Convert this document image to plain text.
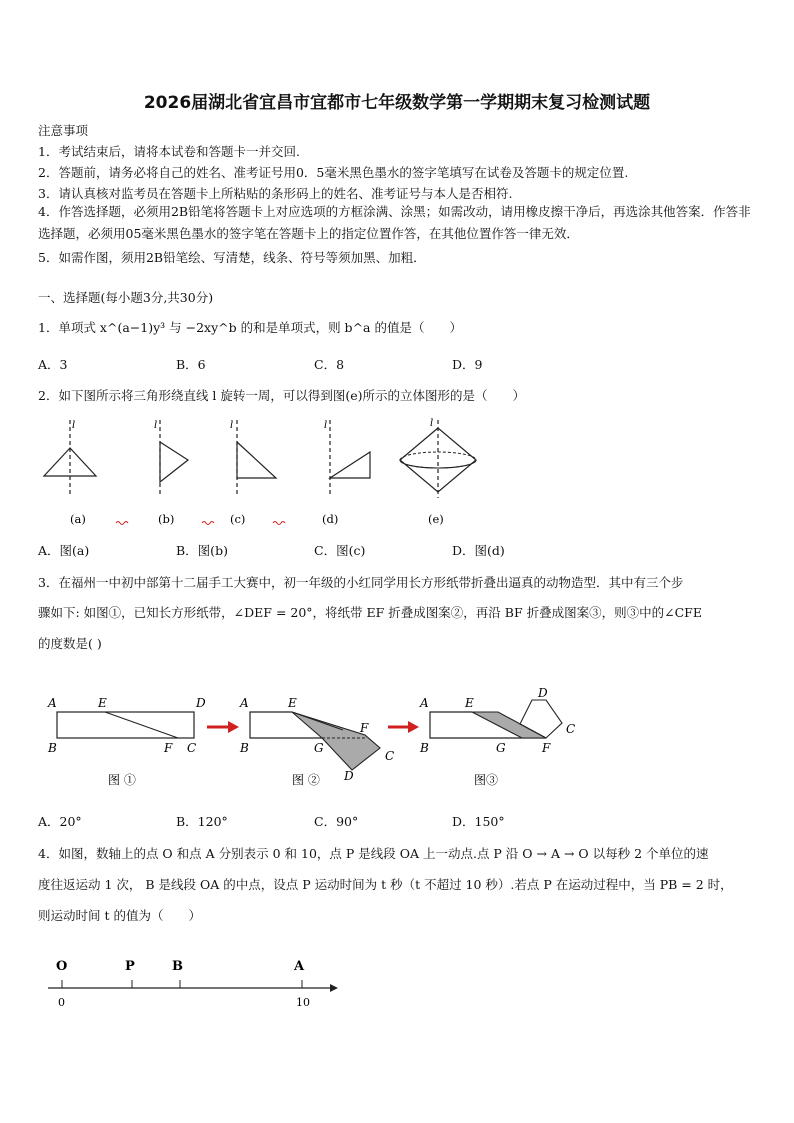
2026届湖北省宜昌市宜都市七年级数学第一学期期末复习检测试题
注意事项
1．考试结束后，请将本试卷和答题卡一并交回.
2．答题前，请务必将自己的姓名、准考证号用0．5毫米黑色墨水的签字笔填写在试卷及答题卡的规定位置.
3．请认真核对监考员在答题卡上所粘贴的条形码上的姓名、准考证号与本人是否相符.
4．作答选择题，必须用2B铅笔将答题卡上对应选项的方框涂满、涂黑；如需改动，请用橡皮擦干净后，再选涂其他答案．作答非选择题，必须用05毫米黑色墨水的签字笔在答题卡上的指定位置作答，在其他位置作答一律无效．
5．如需作图，须用2B铅笔绘、写清楚，线条、符号等须加黑、加粗．
一、选择题(每小题3分,共30分)
1．单项式 x^(a−1)y³ 与 −2xy^b 的和是单项式，则 b^a 的值是（　　）
A．3	B．6	C．8	D．9
2．如下图所示将三角形绕直线 l 旋转一周，可以得到图(e)所示的立体图形的是（　　）
l	l	l	l	l
(a)	(b)	(c)	(d)	(e)
A．图(a)	B．图(b)	C．图(c)	D．图(d)
3．在福州一中初中部第十二届手工大赛中，初一年级的小红同学用长方形纸带折叠出逼真的动物造型．其中有三个步
骤如下: 如图①，已知长方形纸带，∠DEF = 20°，将纸带 EF 折叠成图案②，再沿 BF 折叠成图案③，则③中的∠CFE
的度数是( )
A	E	D
B	F C
图 ①
A	E
F
B	G
C
D
图 ②
A	E
D
C
B	G	F
图③
A．20°	B．120°	C．90°	D．150°
4．如图，数轴上的点 O 和点 A 分别表示 0 和 10，点 P 是线段 OA 上一动点.点 P 沿 O → A → O 以每秒 2 个单位的速
度往返运动 1 次， B 是线段 OA 的中点，设点 P 运动时间为 t 秒（t 不超过 10 秒）.若点 P 在运动过程中，当 PB = 2 时，
则运动时间 t 的值为（　　）
O	P	B	A
0	10
